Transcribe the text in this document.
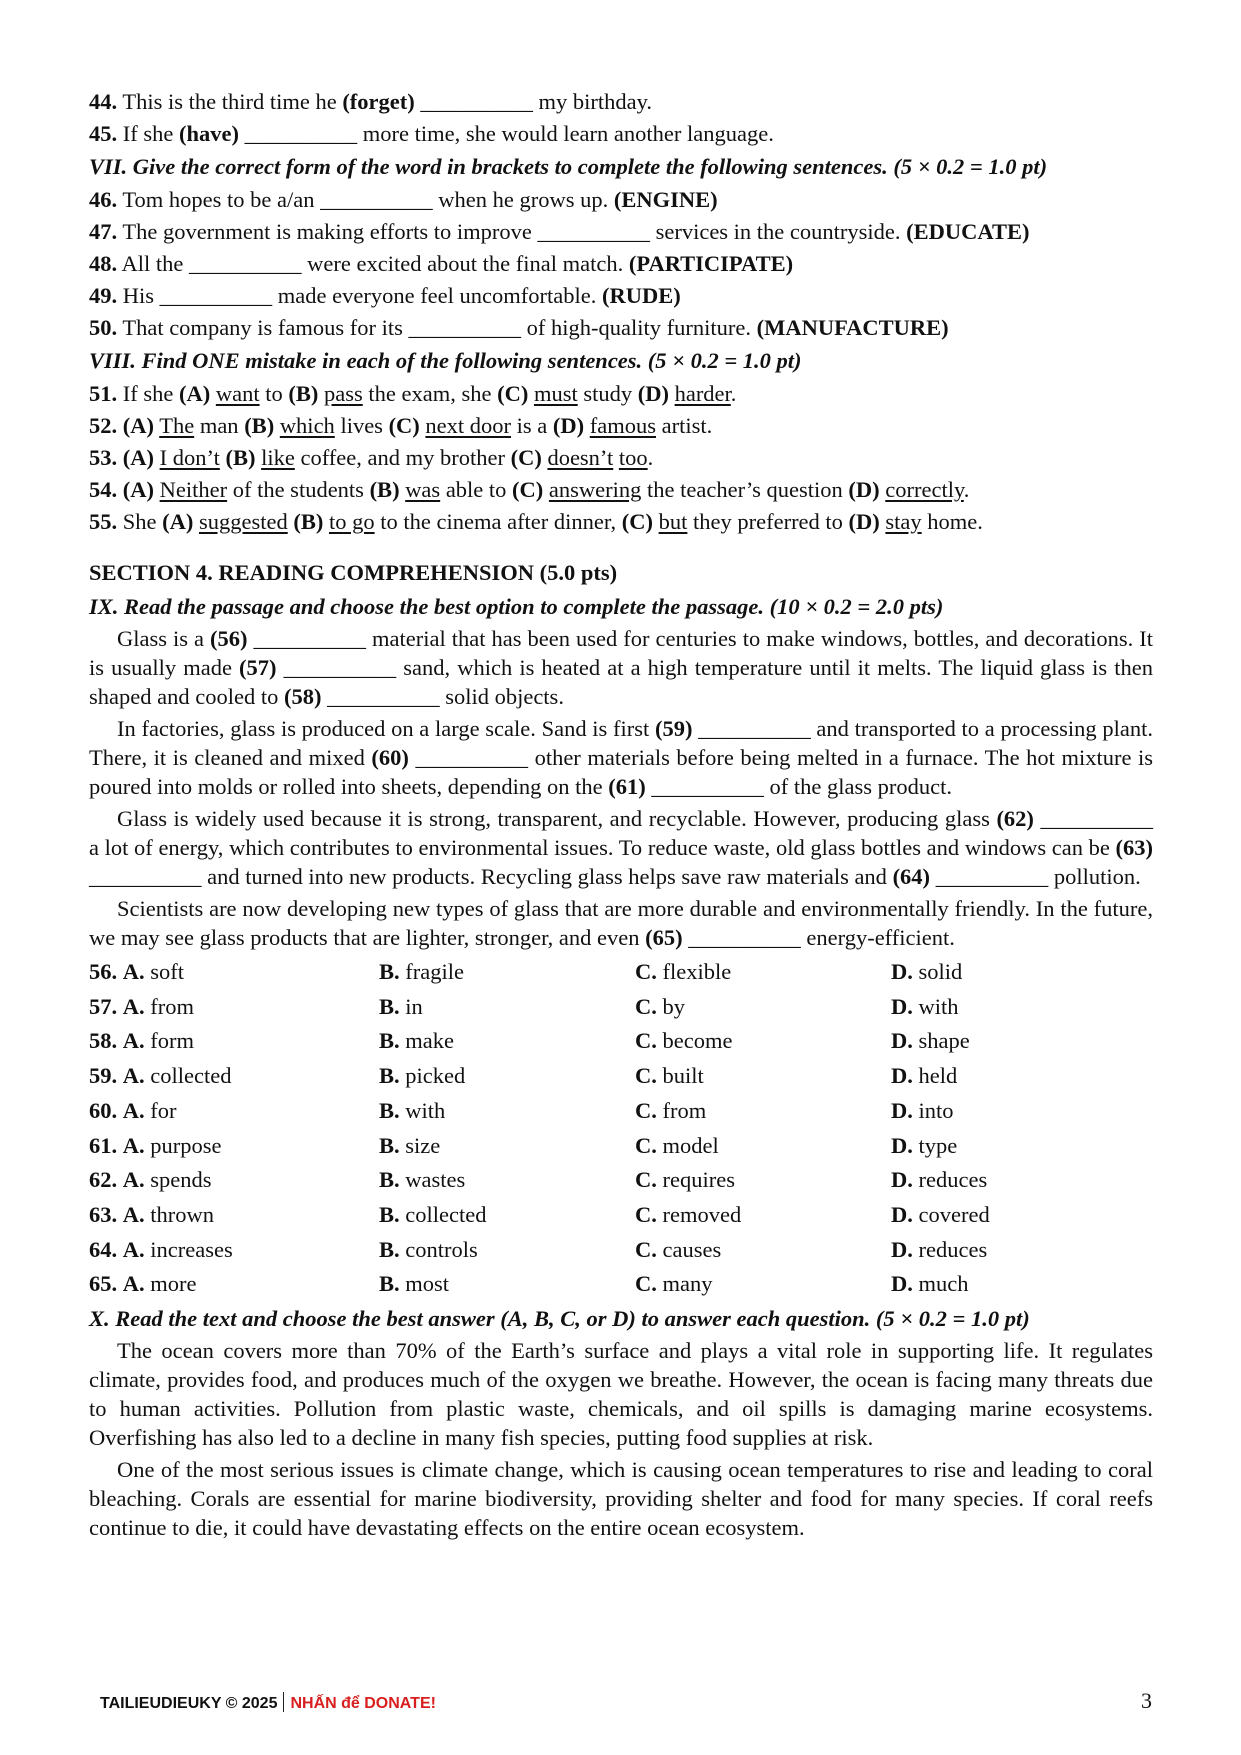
44. This is the third time he (forget) __________ my birthday.
45. If she (have) __________ more time, she would learn another language.
VII. Give the correct form of the word in brackets to complete the following sentences. (5 × 0.2 = 1.0 pt)
46. Tom hopes to be a/an __________ when he grows up. (ENGINE)
47. The government is making efforts to improve __________ services in the countryside. (EDUCATE)
48. All the __________ were excited about the final match. (PARTICIPATE)
49. His __________ made everyone feel uncomfortable. (RUDE)
50. That company is famous for its __________ of high-quality furniture. (MANUFACTURE)
VIII. Find ONE mistake in each of the following sentences. (5 × 0.2 = 1.0 pt)
51. If she (A) want to (B) pass the exam, she (C) must study (D) harder.
52. (A) The man (B) which lives (C) next door is a (D) famous artist.
53. (A) I don’t (B) like coffee, and my brother (C) doesn’t too.
54. (A) Neither of the students (B) was able to (C) answering the teacher’s question (D) correctly.
55. She (A) suggested (B) to go to the cinema after dinner, (C) but they preferred to (D) stay home.
SECTION 4. READING COMPREHENSION (5.0 pts)
IX. Read the passage and choose the best option to complete the passage. (10 × 0.2 = 2.0 pts)

Glass is a (56) __________ material that has been used for centuries to make windows, bottles, and decorations. It is usually made (57) __________ sand, which is heated at a high temperature until it melts. The liquid glass is then shaped and cooled to (58) __________ solid objects.

In factories, glass is produced on a large scale. Sand is first (59) __________ and transported to a processing plant. There, it is cleaned and mixed (60) __________ other materials before being melted in a furnace. The hot mixture is poured into molds or rolled into sheets, depending on the (61) __________ of the glass product.

Glass is widely used because it is strong, transparent, and recyclable. However, producing glass (62) __________ a lot of energy, which contributes to environmental issues. To reduce waste, old glass bottles and windows can be (63) __________ and turned into new products. Recycling glass helps save raw materials and (64) __________ pollution.

Scientists are now developing new types of glass that are more durable and environmentally friendly. In the future, we may see glass products that are lighter, stronger, and even (65) __________ energy-efficient.

56. A. soft	B. fragile	C. flexible	D. solid
57. A. from	B. in	C. by	D. with
58. A. form	B. make	C. become	D. shape
59. A. collected	B. picked	C. built	D. held
60. A. for	B. with	C. from	D. into
61. A. purpose	B. size	C. model	D. type
62. A. spends	B. wastes	C. requires	D. reduces
63. A. thrown	B. collected	C. removed	D. covered
64. A. increases	B. controls	C. causes	D. reduces
65. A. more	B. most	C. many	D. much
X. Read the text and choose the best answer (A, B, C, or D) to answer each question. (5 × 0.2 = 1.0 pt)

The ocean covers more than 70% of the Earth’s surface and plays a vital role in supporting life. It regulates climate, provides food, and produces much of the oxygen we breathe. However, the ocean is facing many threats due to human activities. Pollution from plastic waste, chemicals, and oil spills is damaging marine ecosystems. Overfishing has also led to a decline in many fish species, putting food supplies at risk.

One of the most serious issues is climate change, which is causing ocean temperatures to rise and leading to coral bleaching. Corals are essential for marine biodiversity, providing shelter and food for many species. If coral reefs continue to die, it could have devastating effects on the entire ocean ecosystem.

TAILIEUDIEUKY © 2025 NHẤN để DONATE!	3
